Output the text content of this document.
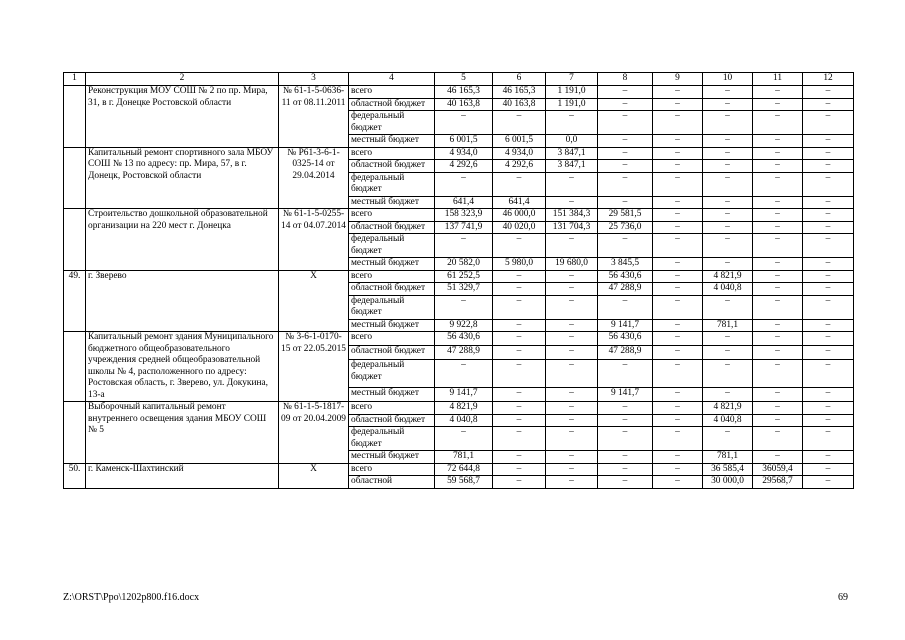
1	2	3	4	5	6	7	8	9	10	11	12
	Реконструкция МОУ СОШ № 2 по пр. Мира, 31, в г. Донецке Ростовской области	№ 61-1-5-0636-11 от 08.11.2011	всего	46 165,3	46 165,3	1 191,0	–	–	–	–	–
			областной бюджет	40 163,8	40 163,8	1 191,0	–	–	–	–	–
			федеральный бюджет	–	–	–	–	–	–	–	–
			местный бюджет	6 001,5	6 001,5	0,0	–	–	–	–	–
	Капитальный ремонт спортивного зала МБОУ СОШ № 13 по адресу: пр. Мира, 57, в г. Донецк, Ростовской области	№ Р61-3-6-1-0325-14 от 29.04.2014	всего	4 934,0	4 934,0	3 847,1	–	–	–	–	–
			областной бюджет	4 292,6	4 292,6	3 847,1	–	–	–	–	–
			федеральный бюджет	–	–	–	–	–	–	–	–
			местный бюджет	641,4	641,4	–	–	–	–	–	–
	Строительство дошкольной образовательной организации на 220 мест г. Донецка	№ 61-1-5-0255-14 от 04.07.2014	всего	158 323,9	46 000,0	151 384,3	29 581,5	–	–	–	–
			областной бюджет	137 741,9	40 020,0	131 704,3	25 736,0	–	–	–	–
			федеральный бюджет	–	–	–	–	–	–	–	–
			местный бюджет	20 582,0	5 980,0	19 680,0	3 845,5	–	–	–	–
49.	г. Зверево	Х	всего	61 252,5	–	–	56 430,6	–	4 821,9	–	–
			областной бюджет	51 329,7	–	–	47 288,9	–	4 040,8	–	–
			федеральный бюджет	–	–	–	–	–	–	–	–
			местный бюджет	9 922,8	–	–	9 141,7	–	781,1	–	–
	Капитальный ремонт здания Муниципального бюджетного общеобразовательного учреждения средней общеобразовательной школы № 4, расположенного по адресу: Ростовская область, г. Зверево, ул. Докукина, 13-а	№ 3-6-1-0170-15 от 22.05.2015	всего	56 430,6	–	–	56 430,6	–	–	–	–
			областной бюджет	47 288,9	–	–	47 288,9	–	–	–	–
			федеральный бюджет	–	–	–	–	–	–	–	–
			местный бюджет	9 141,7	–	–	9 141,7	–	–	–	–
	Выборочный капитальный ремонт внутреннего освещения здания МБОУ СОШ № 5	№ 61-1-5-1817-09 от 20.04.2009	всего	4 821,9	–	–	–	–	4 821,9	–	–
			областной бюджет	4 040,8	–	–	–	–	4 040,8	–	–
			федеральный бюджет	–	–	–	–	–	–	–	–
			местный бюджет	781,1	–	–	–	–	781,1	–	–
50.	г. Каменск-Шахтинский	Х	всего	72 644,8	–	–	–	–	36 585,4	36059,4	–
			областной	59 568,7	–	–	–	–	30 000,0	29568,7	–
Z:\ORST\Ppo\1202p800.f16.docx	69
